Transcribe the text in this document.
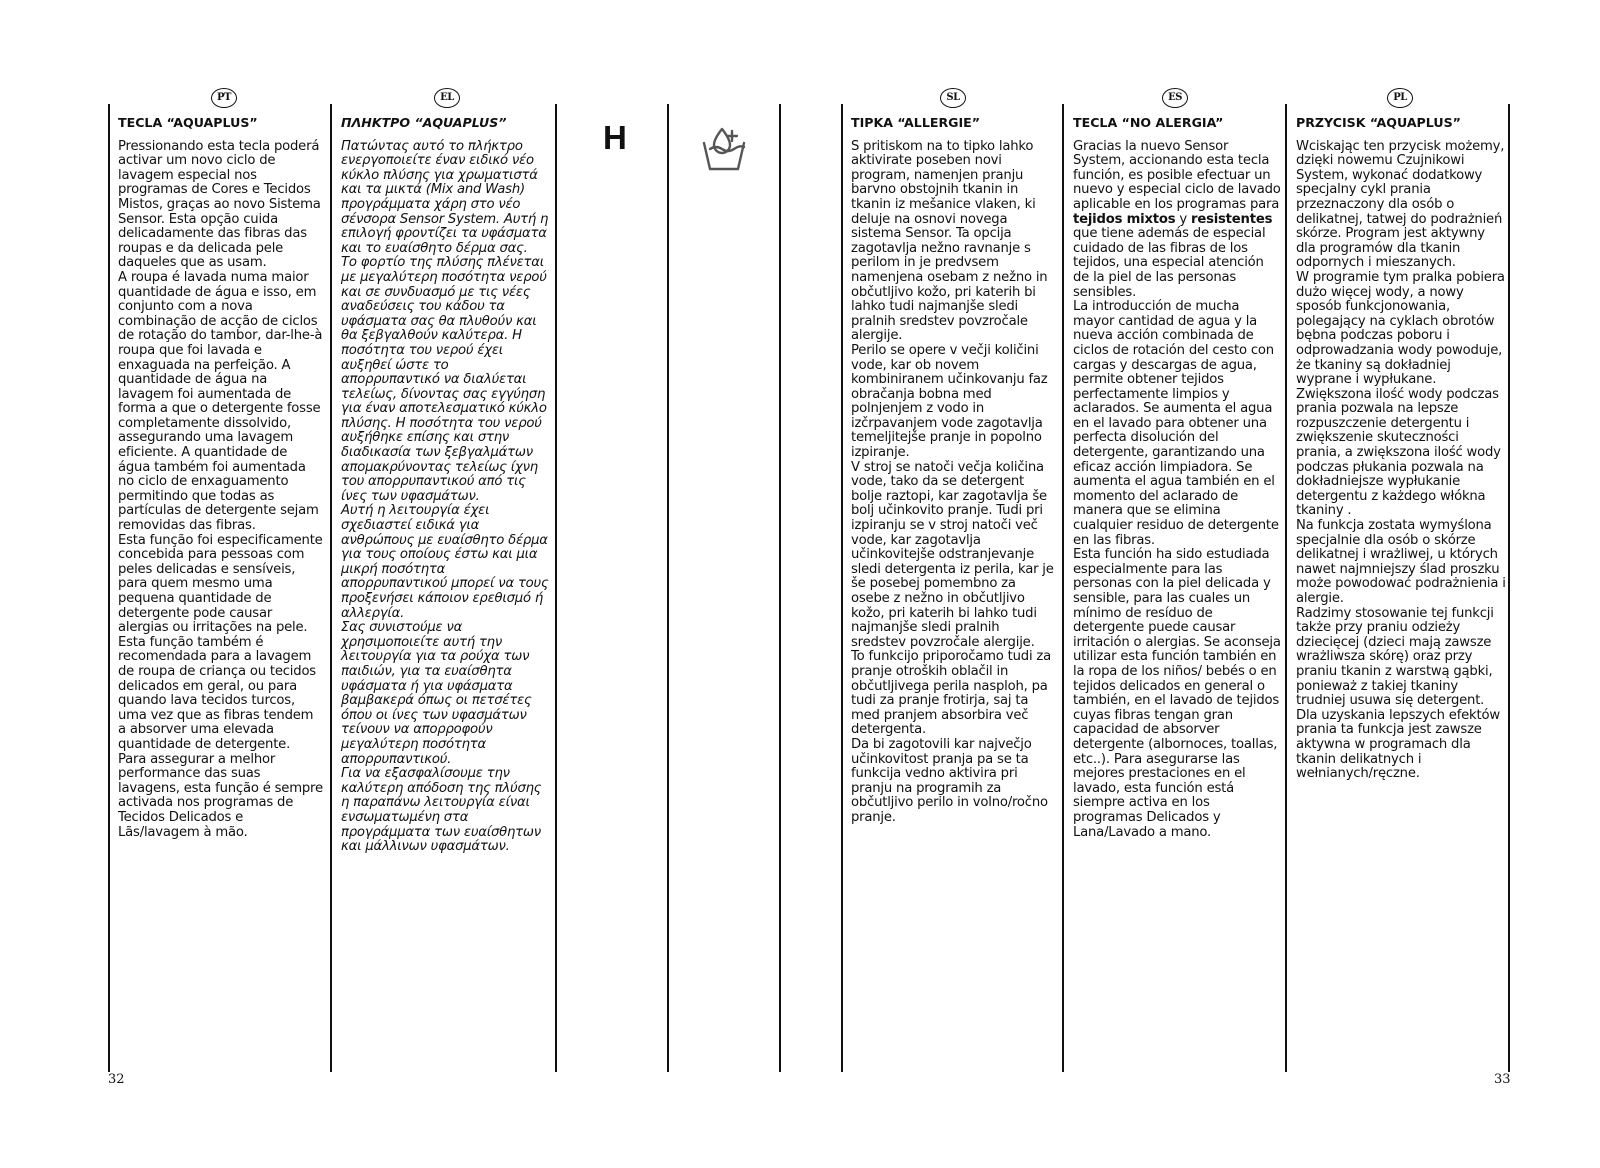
PT	EL	SL	ES	PL

TECLA “AQUAPLUS”

Pressionando esta tecla poderá activar um novo ciclo de lavagem especial nos programas de Cores e Tecidos Mistos, graças ao novo Sistema Sensor. Esta opção cuida delicadamente das fibras das roupas e da delicada pele daqueles que as usam.

A roupa é lavada numa maior quantidade de água e isso, em conjunto com a nova combinação de acção de ciclos de rotação do tambor, dar-lhe-à roupa que foi lavada e enxaguada na perfeição. A quantidade de água na lavagem foi aumentada de forma a que o detergente fosse completamente dissolvido, assegurando uma lavagem eficiente. A quantidade de água também foi aumentada no ciclo de enxaguamento permitindo que todas as partículas de detergente sejam removidas das fibras.

Esta função foi especificamente concebida para pessoas com peles delicadas e sensíveis, para quem mesmo uma pequena quantidade de detergente pode causar alergias ou irritações na pele.

Esta função também é recomendada para a lavagem de roupa de criança ou tecidos delicados em geral, ou para quando lava tecidos turcos, uma vez que as fibras tendem a absorver uma elevada quantidade de detergente.

Para assegurar a melhor performance das suas lavagens, esta função é sempre activada nos programas de Tecidos Delicados e Lãs/lavagem à mão.

ΠΛΗΚΤΡΟ “AQUAPLUS”

Πατώντας αυτό το πλήκτρο ενεργοποιείτε έναν ειδικό νέο κύκλο πλύσης για χρωματιστά και τα μικτά (Mix and Wash) προγράμματα χάρη στο νέο σένσορα Sensor System. Αυτή η επιλογή φροντίζει τα υφάσματα και το ευαίσθητο δέρμα σας.

Το φορτίο της πλύσης πλένεται με μεγαλύτερη ποσότητα νερού και σε συνδυασμό με τις νέες αναδεύσεις του κάδου τα υφάσματα σας θα πλυθούν και θα ξεβγαλθούν καλύτερα. Η ποσότητα του νερού έχει αυξηθεί ώστε το απορρυπαντικό να διαλύεται τελείως, δίνοντας σας εγγύηση για έναν αποτελεσματικό κύκλο πλύσης. Η ποσότητα του νερού αυξήθηκε επίσης και στην διαδικασία των ξεβγαλμάτων απομακρύνοντας τελείως ίχνη του απορρυπαντικού από τις ίνες των υφασμάτων.

Αυτή η λειτουργία έχει σχεδιαστεί ειδικά για ανθρώπους με ευαίσθητο δέρμα για τους οποίους έστω και μια μικρή ποσότητα απορρυπαντικού μπορεί να τους προξενήσει κάποιον ερεθισμό ή αλλεργία.

Σας συνιστούμε να χρησιμοποιείτε αυτή την λειτουργία για τα ρούχα των παιδιών, για τα ευαίσθητα υφάσματα ή για υφάσματα βαμβακερά όπως οι πετσέτες όπου οι ίνες των υφασμάτων τείνουν να απορροφούν μεγαλύτερη ποσότητα απορρυπαντικού.

Για να εξασφαλίσουμε την καλύτερη απόδοση της πλύσης η παραπάνω λειτουργία είναι ενσωματωμένη στα προγράμματα των ευαίσθητων και μάλλινων υφασμάτων.

H	TIPKA “ALLERGIE”

S pritiskom na to tipko lahko aktivirate poseben novi program, namenjen pranju barvno obstojnih tkanin in tkanin iz mešanice vlaken, ki deluje na osnovi novega sistema Sensor. Ta opcija zagotavlja nežno ravnanje s perilom in je predvsem namenjena osebam z nežno in občutljivo kožo, pri katerih bi lahko tudi najmanjše sledi pralnih sredstev povzročale alergije.

Perilo se opere v večji količini vode, kar ob novem kombiniranem učinkovanju faz obračanja bobna med polnjenjem z vodo in izčrpavanjem vode zagotavlja temeljitejše pranje in popolno izpiranje.

V stroj se natoči večja količina vode, tako da se detergent bolje raztopi, kar zagotavlja še bolj učinkovito pranje. Tudi pri izpiranju se v stroj natoči več vode, kar zagotavlja učinkovitejše odstranjevanje sledi detergenta iz perila, kar je še posebej pomembno za osebe z nežno in občutljivo kožo, pri katerih bi lahko tudi najmanjše sledi pralnih sredstev povzročale alergije.

To funkcijo priporočamo tudi za pranje otroških oblačil in občutljivega perila nasploh, pa tudi za pranje frotirja, saj ta med pranjem absorbira več detergenta.

Da bi zagotovili kar največjo učinkovitost pranja pa se ta funkcija vedno aktivira pri pranju na programih za občutljivo perilo in volno/ročno pranje.

TECLA “NO ALERGIA”

Gracias la nuevo Sensor System, accionando esta tecla función, es posible efectuar un nuevo y especial ciclo de lavado aplicable en los programas para tejidos mixtos y resistentes que tiene además de especial cuidado de las fibras de los tejidos, una especial atención de la piel de las personas sensibles.

La introducción de mucha mayor cantidad de agua y la nueva acción combinada de ciclos de rotación del cesto con cargas y descargas de agua, permite obtener tejidos perfectamente limpios y aclarados. Se aumenta el agua en el lavado para obtener una perfecta disolución del detergente, garantizando una eficaz acción limpiadora. Se aumenta el agua también en el momento del aclarado de manera que se elimina cualquier residuo de detergente en las fibras.

Esta función ha sido estudiada especialmente para las personas con la piel delicada y sensible, para las cuales un mínimo de resíduo de detergente puede causar irritación o alergias. Se aconseja utilizar esta función también en la ropa de los niños/ bebés o en tejidos delicados en general o también, en el lavado de tejidos cuyas fibras tengan gran capacidad de absorver detergente (albornoces, toallas, etc..). Para asegurarse las mejores prestaciones en el lavado, esta función está siempre activa en los programas Delicados y Lana/Lavado a mano.

PRZYCISK “AQUAPLUS”

Wciskając ten przycisk możemy, dzięki nowemu Czujnikowi System, wykonać dodatkowy specjalny cykl prania przeznaczony dla osób o delikatnej, tatwej do podrażnień skórze. Program jest aktywny dla programów dla tkanin odpornych i mieszanych.

W programie tym pralka pobiera dużo więcej wody, a nowy sposób funkcjonowania, polegający na cyklach obrotów bębna podczas poboru i odprowadzania wody powoduje, że tkaniny są dokładniej wyprane i wypłukane. Zwiększona ilość wody podczas prania pozwala na lepsze rozpuszczenie detergentu i zwiększenie skuteczności prania, a zwiększona ilość wody podczas płukania pozwala na dokładniejsze wypłukanie detergentu z każdego włókna tkaniny .

Na funkcja zostata wymyślona specjalnie dla osób o skórze delikatnej i wrażliwej, u których nawet najmniejszy ślad proszku może powodować podrażnienia i alergie.

Radzimy stosowanie tej funkcji także przy praniu odzieży dziecięcej (dzieci mają zawsze wrażliwsza skórę) oraz przy praniu tkanin z warstwą gąbki, ponieważ z takiej tkaniny trudniej usuwa się detergent.

Dla uzyskania lepszych efektów prania ta funkcja jest zawsze aktywna w programach dla tkanin delikatnych i wełnianych/ręczne.

32	33
